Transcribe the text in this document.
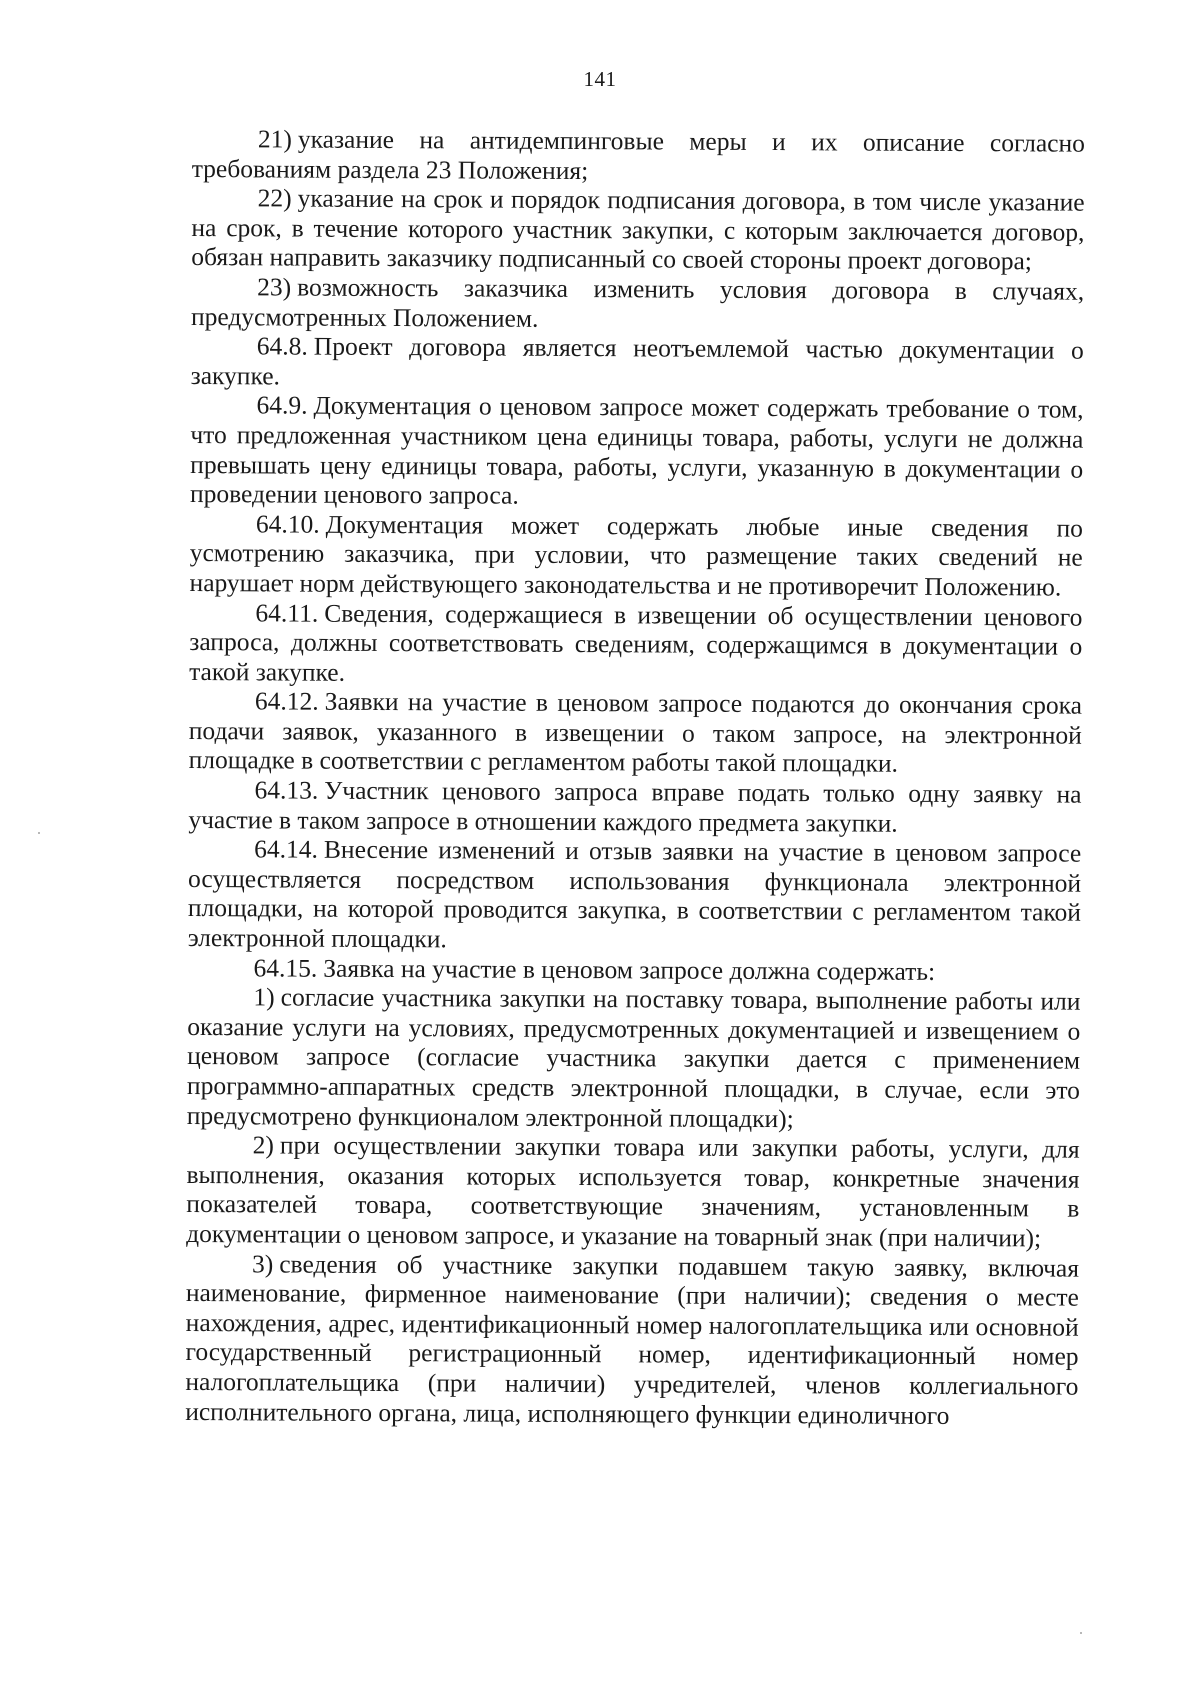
141

21) указание на антидемпинговые меры и их описание согласно требованиям раздела 23 Положения;

22) указание на срок и порядок подписания договора, в том числе указание на срок, в течение которого участник закупки, с которым заключается договор, обязан направить заказчику подписанный со своей стороны проект договора;

23) возможность заказчика изменить условия договора в случаях, предусмотренных Положением.

64.8. Проект договора является неотъемлемой частью документации о закупке.

64.9. Документация о ценовом запросе может содержать требование о том, что предложенная участником цена единицы товара, работы, услуги не должна превышать цену единицы товара, работы, услуги, указанную в документации о проведении ценового запроса.

64.10. Документация может содержать любые иные сведения по усмотрению заказчика, при условии, что размещение таких сведений не нарушает норм действующего законодательства и не противоречит Положению.

64.11. Сведения, содержащиеся в извещении об осуществлении ценового запроса, должны соответствовать сведениям, содержащимся в документации о такой закупке.

64.12. Заявки на участие в ценовом запросе подаются до окончания срока подачи заявок, указанного в извещении о таком запросе, на электронной площадке в соответствии с регламентом работы такой площадки.

64.13. Участник ценового запроса вправе подать только одну заявку на участие в таком запросе в отношении каждого предмета закупки.

64.14. Внесение изменений и отзыв заявки на участие в ценовом запросе осуществляется посредством использования функционала электронной площадки, на которой проводится закупка, в соответствии с регламентом такой электронной площадки.

64.15. Заявка на участие в ценовом запросе должна содержать:

1) согласие участника закупки на поставку товара, выполнение работы или оказание услуги на условиях, предусмотренных документацией и извещением о ценовом запросе (согласие участника закупки дается с применением программно-аппаратных средств электронной площадки, в случае, если это предусмотрено функционалом электронной площадки);

2) при осуществлении закупки товара или закупки работы, услуги, для выполнения, оказания которых используется товар, конкретные значения показателей товара, соответствующие значениям, установленным в документации о ценовом запросе, и указание на товарный знак (при наличии);

3) сведения об участнике закупки подавшем такую заявку, включая наименование, фирменное наименование (при наличии); сведения о месте нахождения, адрес, идентификационный номер налогоплательщика или основной государственный регистрационный номер, идентификационный номер налогоплательщика (при наличии) учредителей, членов коллегиального исполнительного органа, лица, исполняющего функции единоличного
